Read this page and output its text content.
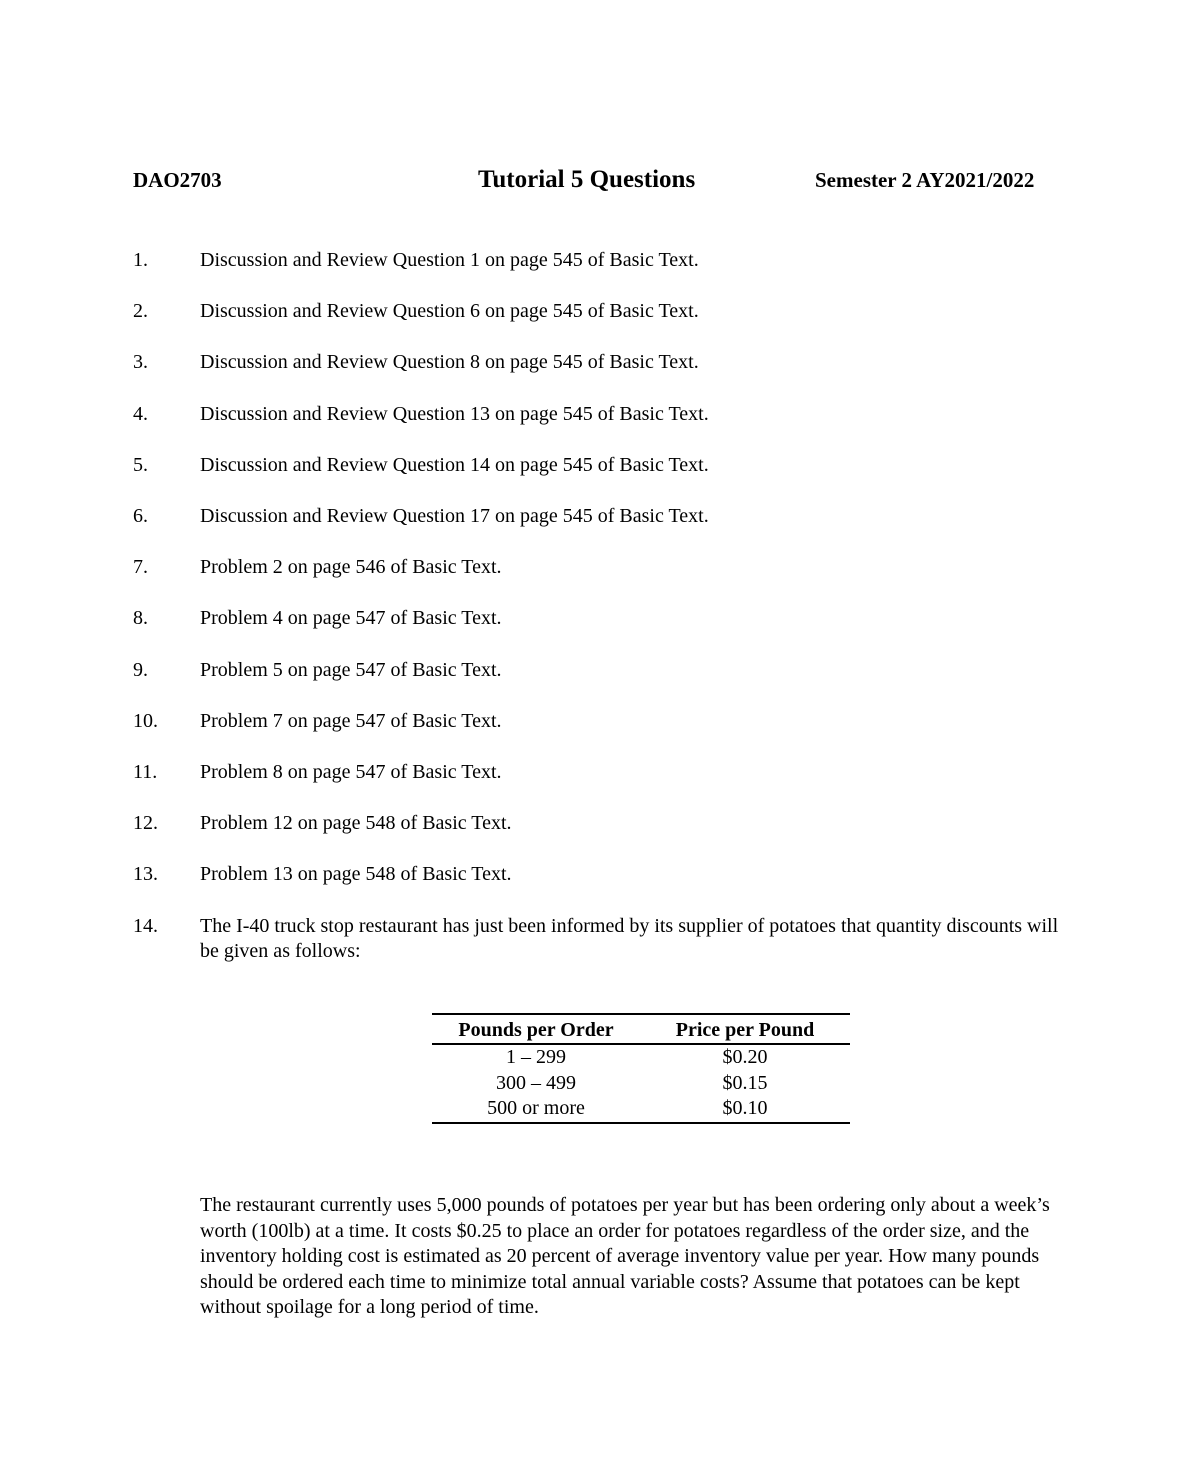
DAO2703	Tutorial 5 Questions	Semester 2 AY2021/2022
1.	Discussion and Review Question 1 on page 545 of Basic Text.
2.	Discussion and Review Question 6 on page 545 of Basic Text.
3.	Discussion and Review Question 8 on page 545 of Basic Text.
4.	Discussion and Review Question 13 on page 545 of Basic Text.
5.	Discussion and Review Question 14 on page 545 of Basic Text.
6.	Discussion and Review Question 17 on page 545 of Basic Text.
7.	Problem 2 on page 546 of Basic Text.
8.	Problem 4 on page 547 of Basic Text.
9.	Problem 5 on page 547 of Basic Text.
10. Problem 7 on page 547 of Basic Text.
11. Problem 8 on page 547 of Basic Text.
12. Problem 12 on page 548 of Basic Text.
13. Problem 13 on page 548 of Basic Text.
14. The I-40 truck stop restaurant has just been informed by its supplier of potatoes that quantity discounts will be given as follows:
Pounds per Order	Price per Pound
1 – 299	$0.20
300 – 499	$0.15
500 or more	$0.10

The restaurant currently uses 5,000 pounds of potatoes per year but has been ordering only about a week’s worth (100lb) at a time. It costs $0.25 to place an order for potatoes regardless of the order size, and the inventory holding cost is estimated as 20 percent of average inventory value per year. How many pounds should be ordered each time to minimize total annual variable costs? Assume that potatoes can be kept without spoilage for a long period of time.
